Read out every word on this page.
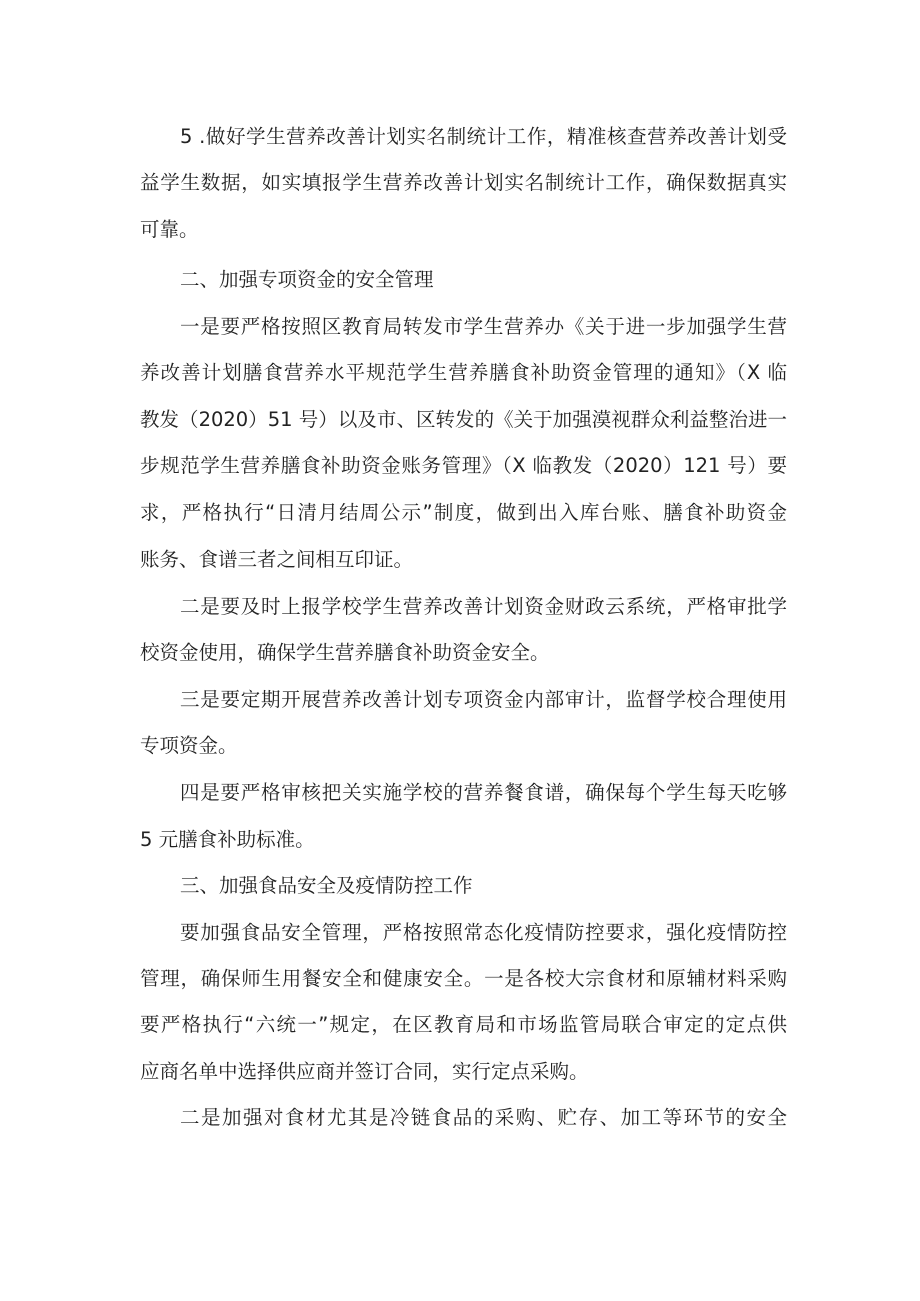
5 .做好学生营养改善计划实名制统计工作，精准核查营养改善计划受
益学生数据，如实填报学生营养改善计划实名制统计工作，确保数据真实
可靠。
二、加强专项资金的安全管理
一是要严格按照区教育局转发市学生营养办《关于进一步加强学生营
养改善计划膳食营养水平规范学生营养膳食补助资金管理的通知》（X 临
教发（2020）51 号）以及市、区转发的《关于加强漠视群众利益整治进一
步规范学生营养膳食补助资金账务管理》（X 临教发（2020）121 号）要
求，严格执行“日清月结周公示”制度，做到出入库台账、膳食补助资金
账务、食谱三者之间相互印证。
二是要及时上报学校学生营养改善计划资金财政云系统，严格审批学
校资金使用，确保学生营养膳食补助资金安全。
三是要定期开展营养改善计划专项资金内部审计，监督学校合理使用
专项资金。
四是要严格审核把关实施学校的营养餐食谱，确保每个学生每天吃够
5 元膳食补助标准。
三、加强食品安全及疫情防控工作
要加强食品安全管理，严格按照常态化疫情防控要求，强化疫情防控
管理，确保师生用餐安全和健康安全。一是各校大宗食材和原辅材料采购
要严格执行“六统一”规定，在区教育局和市场监管局联合审定的定点供
应商名单中选择供应商并签订合同，实行定点采购。
二是加强对食材尤其是冷链食品的采购、贮存、加工等环节的安全
